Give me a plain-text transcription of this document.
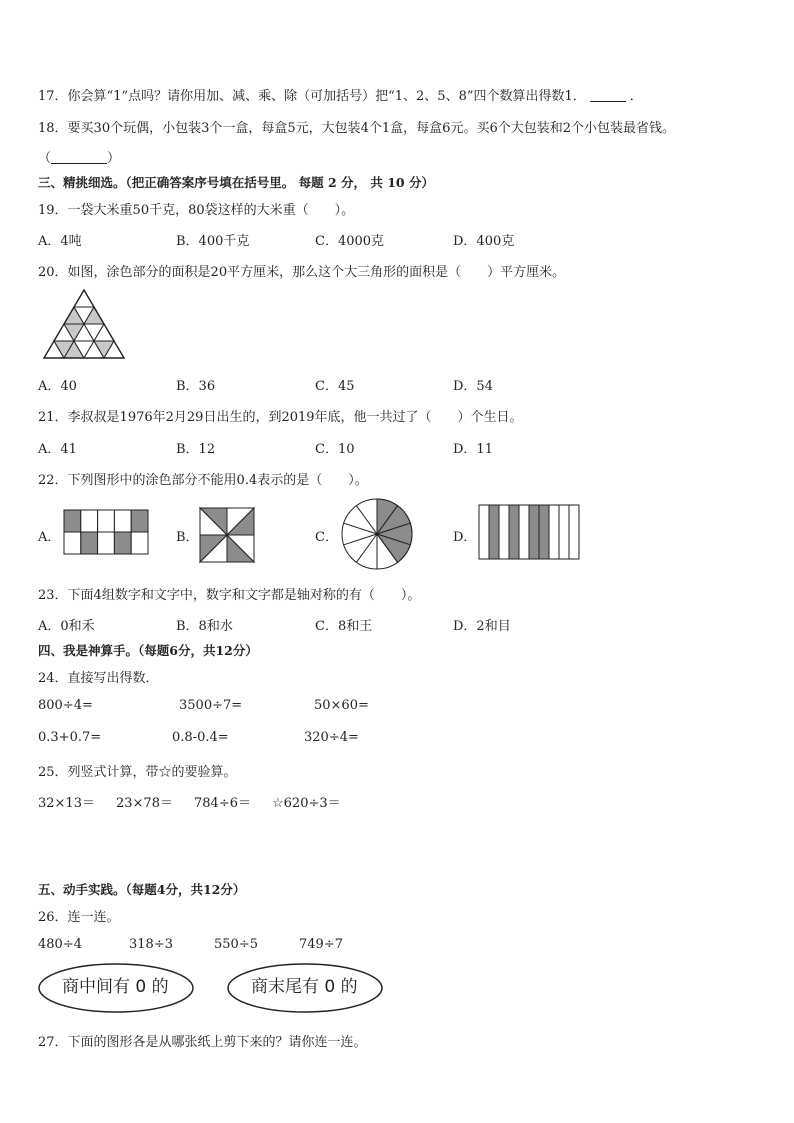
17．你会算“1”点吗？请你用加、减、乘、除（可加括号）把“1、2、5、8”四个数算出得数1．	．
18．要买30个玩偶，小包装3个一盒，每盒5元，大包装4个1盒，每盒6元。买6个大包装和2个小包装最省钱。
（	）
三、精挑细选。（把正确答案序号填在括号里。 每题 2 分， 共 10 分）
19．一袋大米重50千克，80袋这样的大米重（　　）。
A．4吨	B．400千克	C．4000克	D．400克
20．如图，涂色部分的面积是20平方厘米，那么这个大三角形的面积是（　　）平方厘米。
A．40	B．36	C．45	D．54
21．李叔叔是1976年2月29日出生的，到2019年底，他一共过了（　　）个生日。
A．41	B．12	C．10	D．11
22．下列图形中的涂色部分不能用0.4表示的是（　　）。
A．	B．	C．	D．
23．下面4组数字和文字中，数字和文字都是轴对称的有（　　）。
A．0和禾	B．8和水	C．8和王	D．2和目
四、我是神算手。（每题6分，共12分）
24．直接写出得数．
800÷4=	3500÷7=	50×60=
0.3+0.7=	0.8-0.4=	320÷4=
25．列竖式计算，带☆的要验算。
32×13＝ 23×78＝ 784÷6＝ ☆620÷3＝
五、动手实践。（每题4分，共12分）
26．连一连。
480÷4	318÷3	550÷5	749÷7
商中间有 0 的	商末尾有 0 的
27．下面的图形各是从哪张纸上剪下来的？请你连一连。
